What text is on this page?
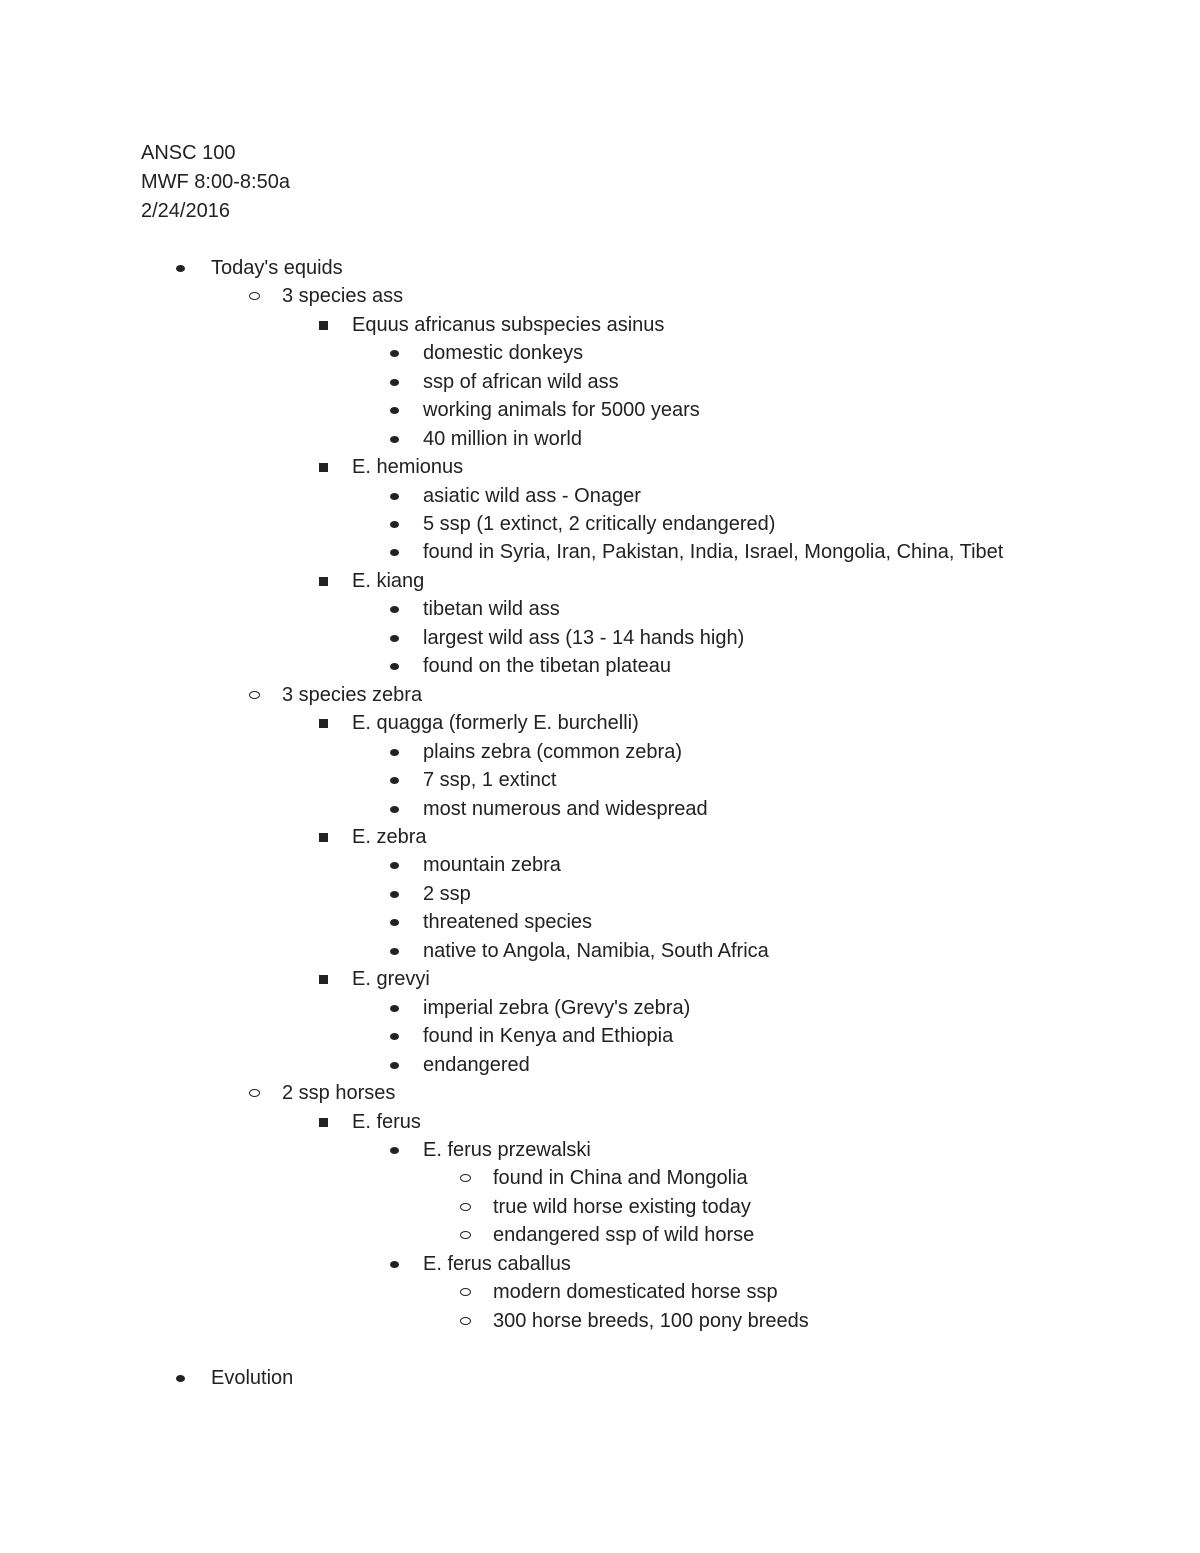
ANSC 100
MWF 8:00-8:50a
2/24/2016
Today's equids
3 species ass
Equus africanus subspecies asinus
domestic donkeys
ssp of african wild ass
working animals for 5000 years
40 million in world
E. hemionus
asiatic wild ass - Onager
5 ssp (1 extinct, 2 critically endangered)
found in Syria, Iran, Pakistan, India, Israel, Mongolia, China, Tibet
E. kiang
tibetan wild ass
largest wild ass (13 - 14 hands high)
found on the tibetan plateau
3 species zebra
E. quagga (formerly E. burchelli)
plains zebra (common zebra)
7 ssp, 1 extinct
most numerous and widespread
E. zebra
mountain zebra
2 ssp
threatened species
native to Angola, Namibia, South Africa
E. grevyi
imperial zebra (Grevy's zebra)
found in Kenya and Ethiopia
endangered
2 ssp horses
E. ferus
E. ferus przewalski
found in China and Mongolia
true wild horse existing today
endangered ssp of wild horse
E. ferus caballus
modern domesticated horse ssp
300 horse breeds, 100 pony breeds
Evolution
